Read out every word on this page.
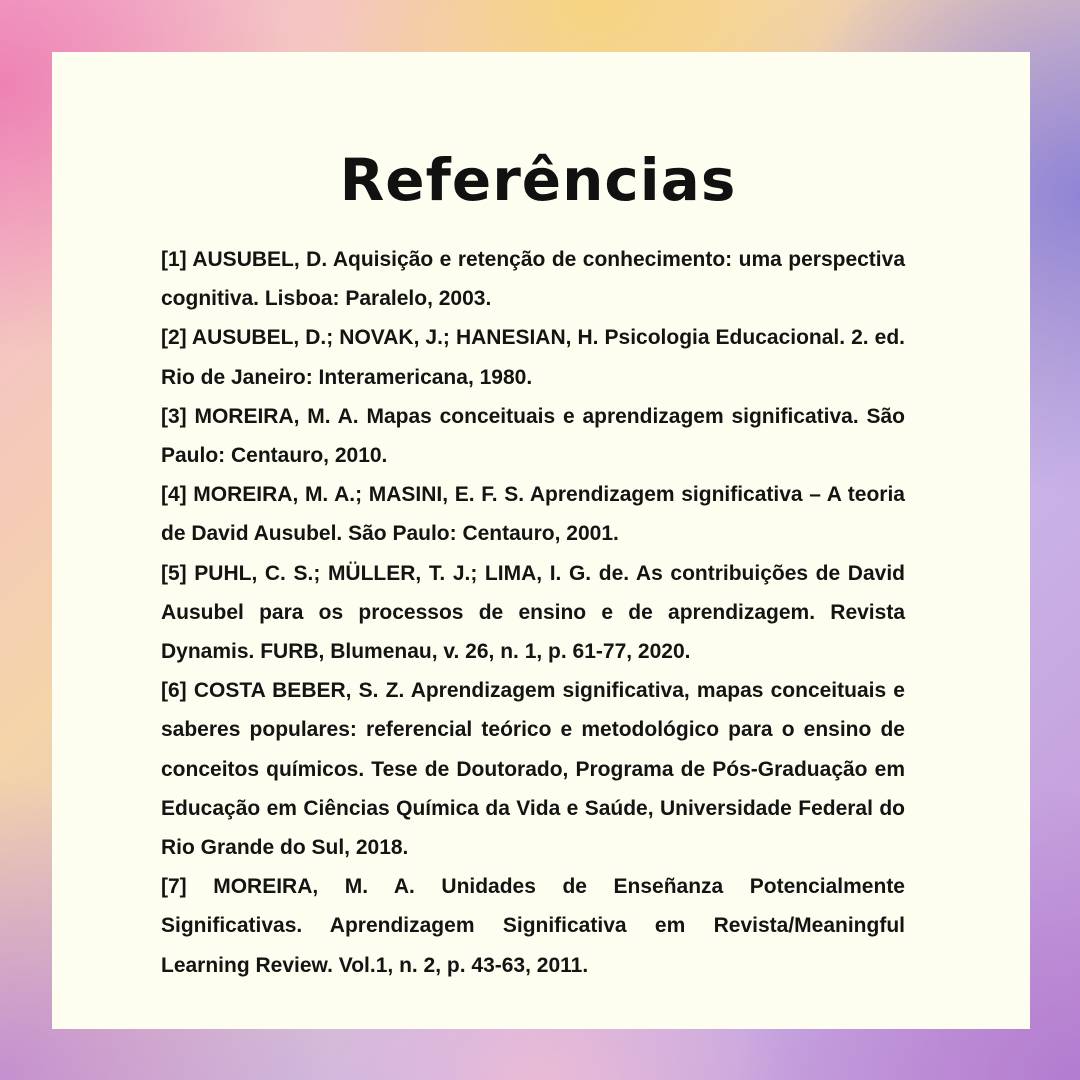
Referências

[1] AUSUBEL, D. Aquisição e retenção de conhecimento: uma perspectiva cognitiva. Lisboa: Paralelo, 2003.

[2] AUSUBEL, D.; NOVAK, J.; HANESIAN, H. Psicologia Educacional. 2. ed. Rio de Janeiro: Interamericana, 1980.

[3] MOREIRA, M. A. Mapas conceituais e aprendizagem significativa. São Paulo: Centauro, 2010.

[4] MOREIRA, M. A.; MASINI, E. F. S. Aprendizagem significativa – A teoria de David Ausubel. São Paulo: Centauro, 2001.

[5] PUHL, C. S.; MÜLLER, T. J.; LIMA, I. G. de. As contribuições de David Ausubel para os processos de ensino e de aprendizagem. Revista Dynamis. FURB, Blumenau, v. 26, n. 1, p. 61-77, 2020.

[6] COSTA BEBER, S. Z. Aprendizagem significativa, mapas conceituais e saberes populares: referencial teórico e metodológico para o ensino de conceitos químicos. Tese de Doutorado, Programa de Pós-Graduação em Educação em Ciências Química da Vida e Saúde, Universidade Federal do Rio Grande do Sul, 2018.

[7] MOREIRA, M. A. Unidades de Enseñanza Potencialmente Significativas. Aprendizagem Significativa em Revista/Meaningful Learning Review. Vol.1, n. 2, p. 43-63, 2011.
